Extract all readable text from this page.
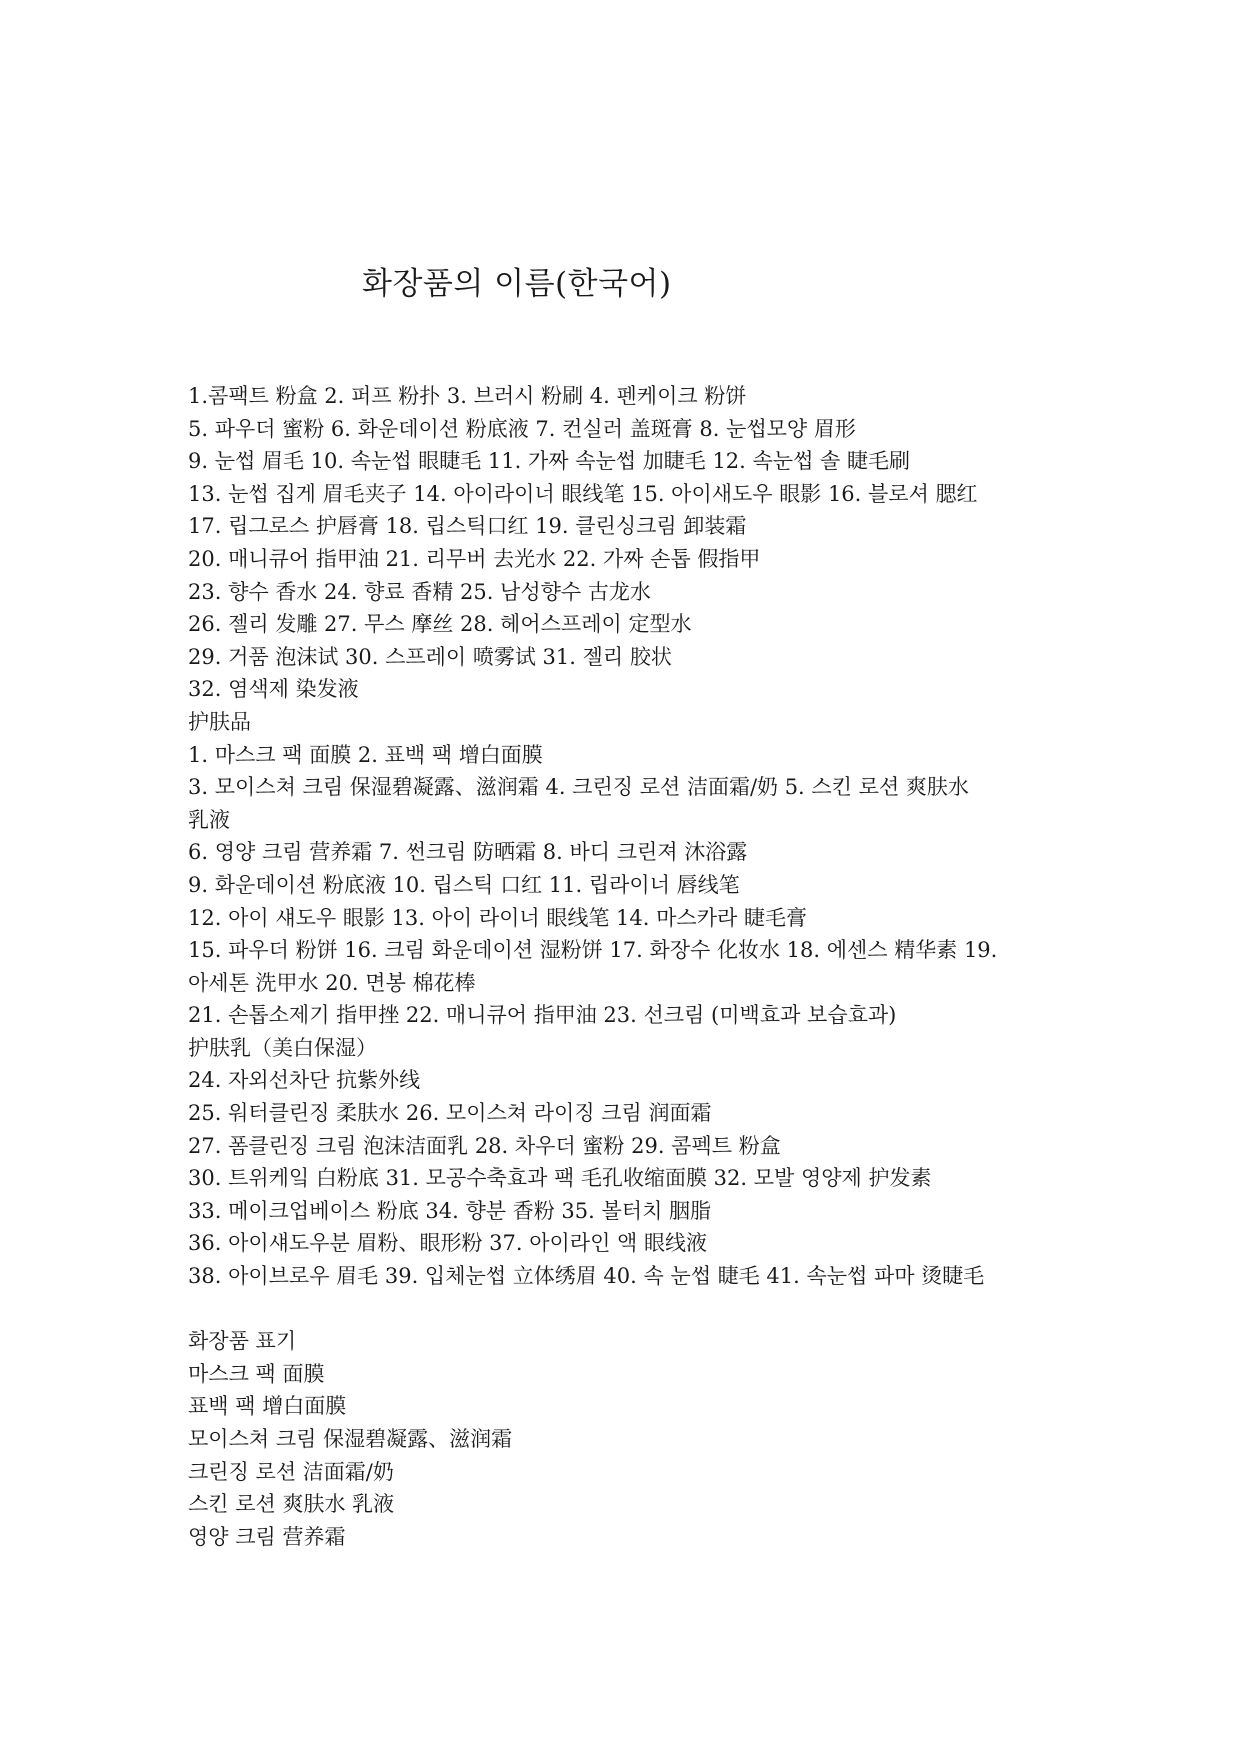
화장품의 이름(한국어)
1.콤팩트 粉盒 2. 퍼프 粉扑 3. 브러시 粉刷 4. 펜케이크 粉饼
5. 파우더 蜜粉 6. 화운데이션 粉底液 7. 컨실러 盖斑膏 8. 눈썹모양 眉形
9. 눈썹 眉毛 10. 속눈썹 眼睫毛 11. 가짜 속눈썹 加睫毛 12. 속눈썹 솔 睫毛刷
13. 눈썹 집게 眉毛夹子 14. 아이라이너 眼线笔 15. 아이새도우 眼影 16. 블로셔 腮红
17. 립그로스 护唇膏 18. 립스틱口红 19. 클린싱크림 卸装霜
20. 매니큐어 指甲油 21. 리무버 去光水 22. 가짜 손톱 假指甲
23. 향수 香水 24. 향료 香精 25. 남성향수 古龙水
26. 젤리 发雕 27. 무스 摩丝 28. 헤어스프레이 定型水
29. 거품 泡沫试 30. 스프레이 喷雾试 31. 젤리 胶状
32. 염색제 染发液
护肤品
1. 마스크 팩 面膜 2. 표백 팩 增白面膜
3. 모이스쳐 크림 保湿碧凝露、滋润霜 4. 크린징 로션 洁面霜/奶 5. 스킨 로션 爽肤水
乳液
6. 영양 크림 营养霜 7. 썬크림 防晒霜 8. 바디 크린져 沐浴露
9. 화운데이션 粉底液 10. 립스틱 口红 11. 립라이너 唇线笔
12. 아이 섀도우 眼影 13. 아이 라이너 眼线笔 14. 마스카라 睫毛膏
15. 파우더 粉饼 16. 크림 화운데이션 湿粉饼 17. 화장수 化妆水 18. 에센스 精华素 19.
아세톤 洗甲水 20. 면봉 棉花棒
21. 손톱소제기 指甲挫 22. 매니큐어 指甲油 23. 선크림 (미백효과 보습효과)
护肤乳（美白保湿）
24. 자외선차단 抗紫外线
25. 워터클린징 柔肤水 26. 모이스쳐 라이징 크림 润面霜
27. 폼클린징 크림 泡沫洁面乳 28. 차우더 蜜粉 29. 콤펙트 粉盒
30. 트위케잌 白粉底 31. 모공수축효과 팩 毛孔收缩面膜 32. 모발 영양제 护发素
33. 메이크업베이스 粉底 34. 향분 香粉 35. 볼터치 胭脂
36. 아이섀도우분 眉粉、眼形粉 37. 아이라인 액 眼线液
38. 아이브로우 眉毛 39. 입체눈썹 立体绣眉 40. 속 눈썹 睫毛 41. 속눈썹 파마 烫睫毛
화장품 표기
마스크 팩 面膜
표백 팩 增白面膜
모이스쳐 크림 保湿碧凝露、滋润霜
크린징 로션 洁面霜/奶
스킨 로션 爽肤水 乳液
영양 크림 营养霜
